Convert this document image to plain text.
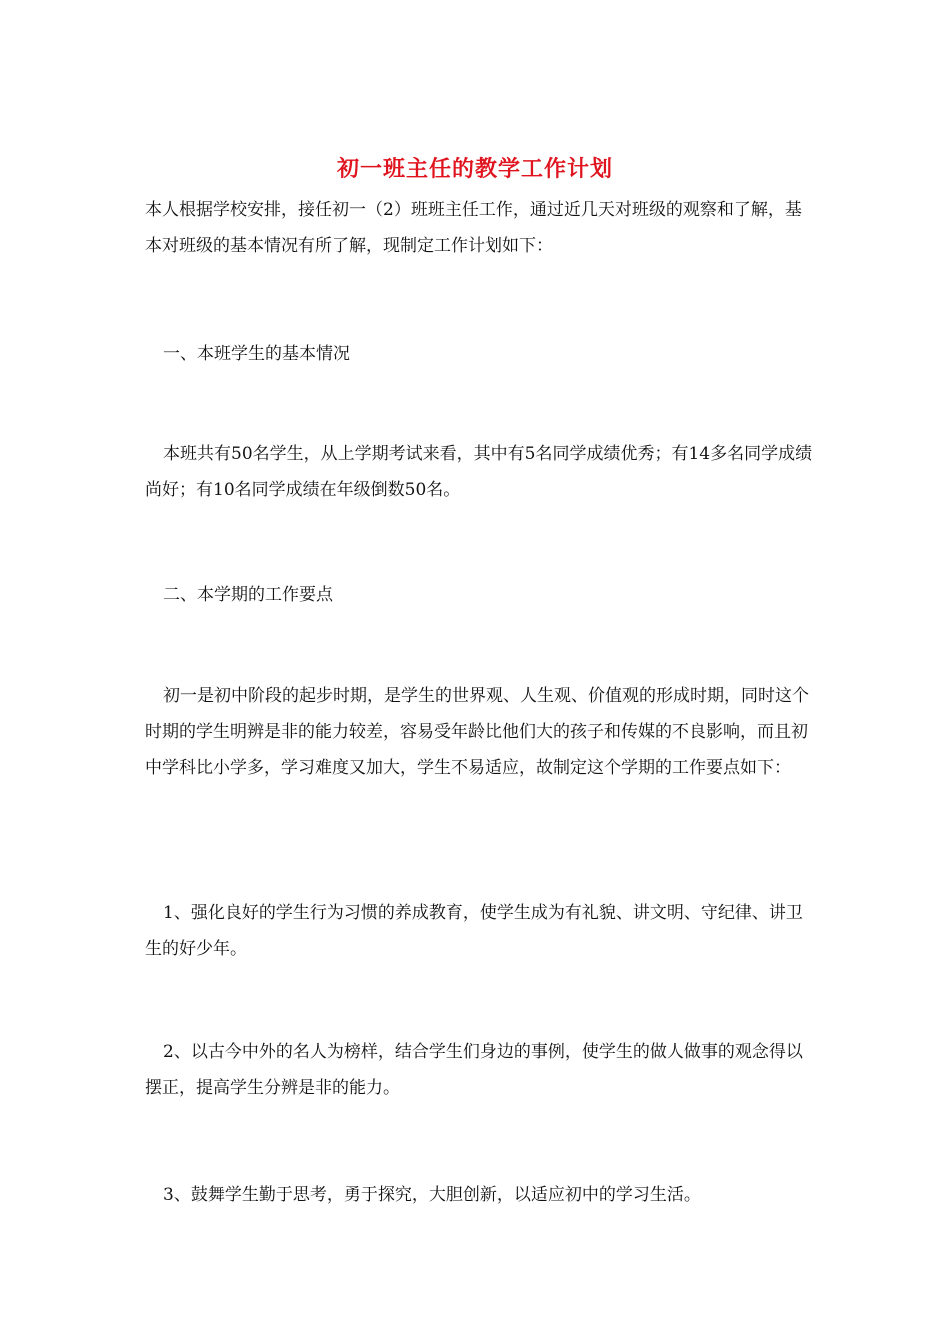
初一班主任的教学工作计划
本人根据学校安排，接任初一（2）班班主任工作，通过近几天对班级的观察和了解，基本对班级的基本情况有所了解，现制定工作计划如下：
一、本班学生的基本情况
本班共有50名学生，从上学期考试来看，其中有5名同学成绩优秀；有14多名同学成绩尚好；有10名同学成绩在年级倒数50名。
二、本学期的工作要点
初一是初中阶段的起步时期，是学生的世界观、人生观、价值观的形成时期，同时这个时期的学生明辨是非的能力较差，容易受年龄比他们大的孩子和传媒的不良影响，而且初中学科比小学多，学习难度又加大，学生不易适应，故制定这个学期的工作要点如下：
1、强化良好的学生行为习惯的养成教育，使学生成为有礼貌、讲文明、守纪律、讲卫生的好少年。
2、以古今中外的名人为榜样，结合学生们身边的事例，使学生的做人做事的观念得以摆正，提高学生分辨是非的能力。
3、鼓舞学生勤于思考，勇于探究，大胆创新，以适应初中的学习生活。
